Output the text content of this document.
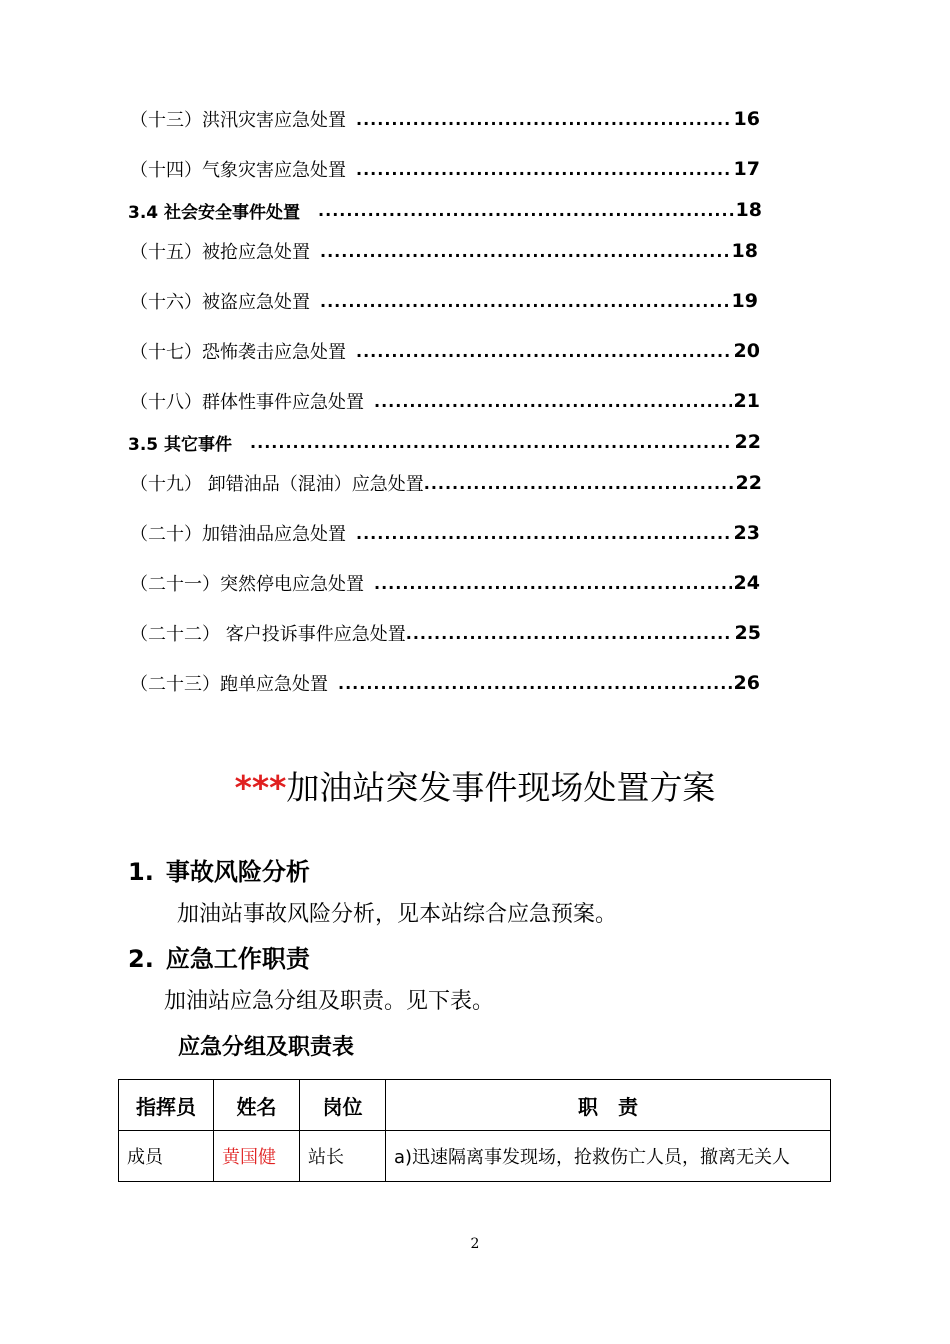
（十三）洪汛灾害应急处置 .....	16
（十四）气象灾害应急处置 .....	17
3.4 社会安全事件处置 .....	18
（十五）被抢应急处置 .....	18
（十六）被盗应急处置 .....	19
（十七）恐怖袭击应急处置 .....	20
（十八）群体性事件应急处置 .....	21
3.5 其它事件 .....	22
（十九） 卸错油品（混油）应急处置 .....	22
（二十）加错油品应急处置 .....	23
（二十一）突然停电应急处置 .....	24
（二十二） 客户投诉事件应急处置 .....	25
（二十三）跑单应急处置 .....	26
***加油站突发事件现场处置方案
1. 事故风险分析
加油站事故风险分析，见本站综合应急预案。
2. 应急工作职责
加油站应急分组及职责。见下表。
应急分组及职责表
指挥员	姓名	岗位	职　责
成员	黄国健	站长	a)迅速隔离事发现场，抢救伤亡人员，撤离无关人
2
